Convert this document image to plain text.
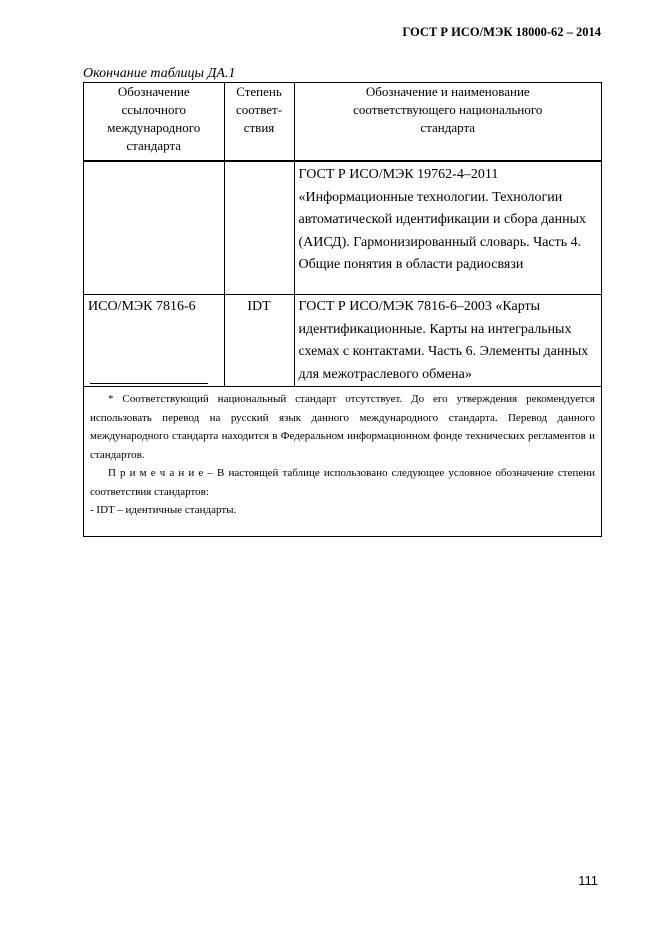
ГОСТ Р ИСО/МЭК 18000-62 – 2014
Окончание таблицы ДА.1
Обозначение ссылочного международного стандарта	Степень соответ-ствия	Обозначение и наименование соответствующего национального стандарта
		ГОСТ Р ИСО/МЭК 19762-4–2011 «Информационные технологии. Технологии автоматической идентификации и сбора данных (АИСД). Гармонизированный словарь. Часть 4. Общие понятия в области радиосвязи
ИСО/МЭК 7816-6	IDT	ГОСТ Р ИСО/МЭК 7816-6–2003 «Карты идентификационные. Карты на интегральных схемах с контактами. Часть 6. Элементы данных для межотраслевого обмена»

* Соответствующий национальный стандарт отсутствует. До его утверждения рекомендуется использовать перевод на русский язык данного международного стандарта. Перевод данного международного стандарта находится в Федеральном информационном фонде технических регламентов и стандартов.

П р и м е ч а н и е – В настоящей таблице использовано следующее условное обозначение степени соответствия стандартов:

- IDT – идентичные стандарты.

111
